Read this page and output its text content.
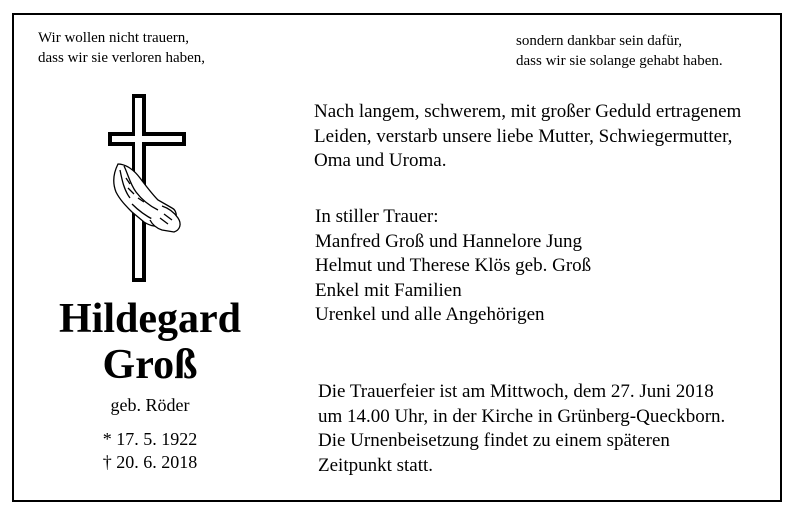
Wir wollen nicht trauern,
dass wir sie verloren haben,
sondern dankbar sein dafür,
dass wir sie solange gehabt haben.
Hildegard
Groß
geb. Röder
* 17. 5. 1922
† 20. 6. 2018
Nach langem, schwerem, mit großer Geduld ertragenem
Leiden, verstarb unsere liebe Mutter, Schwiegermutter,
Oma und Uroma.
In stiller Trauer:
Manfred Groß und Hannelore Jung
Helmut und Therese Klös geb. Groß
Enkel mit Familien
Urenkel und alle Angehörigen
Die Trauerfeier ist am Mittwoch, dem 27. Juni 2018
um 14.00 Uhr, in der Kirche in Grünberg-Queckborn.
Die Urnenbeisetzung findet zu einem späteren
Zeitpunkt statt.
